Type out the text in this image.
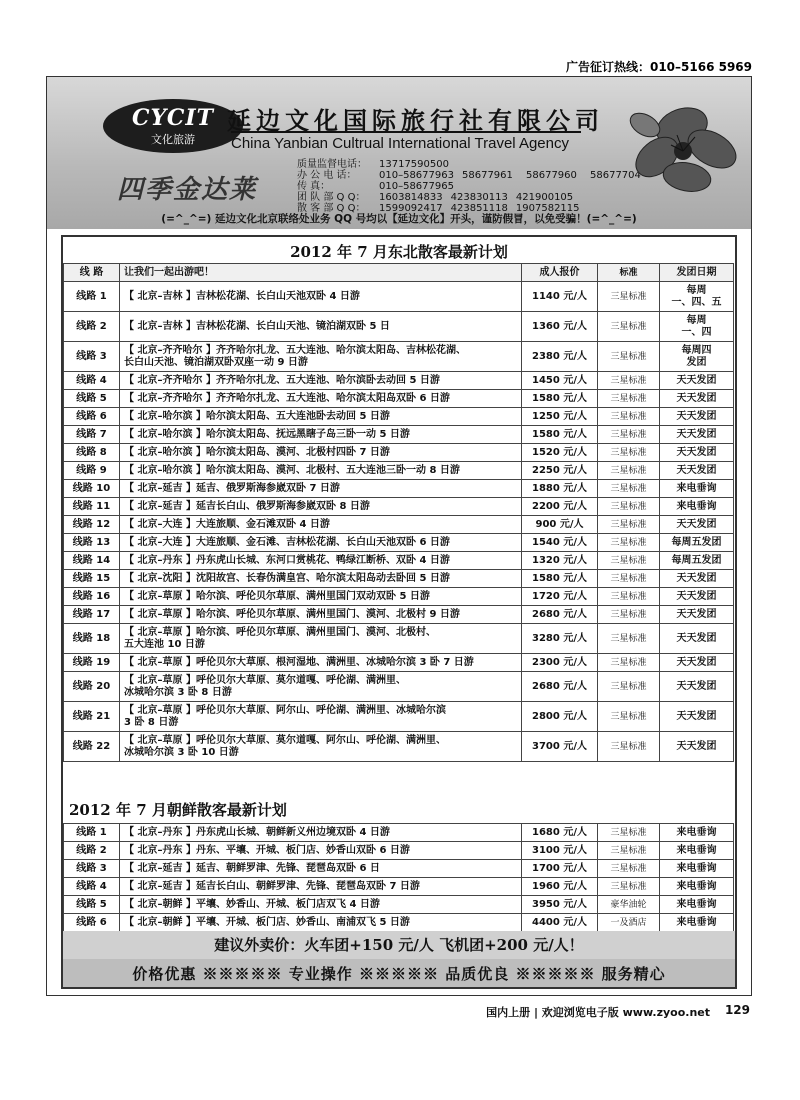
广告征订热线：010–5166 5969
CYCIT
文化旅游
延边文化国际旅行社有限公司
China Yanbian Cultrual International Travel Agency
四季金达莱
质量监督电话：	13717590500
办 公 电 话：	010–58677963 58677961	58677960	58677704
传 真：	010–58677965
团 队 部 Q Q：	1603814833 423830113 421900105
散 客 部 Q Q：	1599092417 423851118 1907582115
(=^_^=) 延边文化北京联络处业务 QQ 号均以【延边文化】开头，谨防假冒，以免受骗！(=^_^=)
2012 年 7 月东北散客最新计划
线 路	让我们一起出游吧！	成人报价	标准	发团日期
线路 1	【 北京–吉林 】吉林松花湖、长白山天池双卧 4 日游	1140 元/人	三星标准	每周
一、四、五
线路 2	【 北京–吉林 】吉林松花湖、长白山天池、镜泊湖双卧 5 日	1360 元/人	三星标准	每周
一、四
线路 3	【 北京–齐齐哈尔 】齐齐哈尔扎龙、五大连池、哈尔滨太阳岛、吉林松花湖、
长白山天池、镜泊湖双卧双座一动 9 日游	2380 元/人	三星标准	每周四
发团
线路 4	【 北京–齐齐哈尔 】齐齐哈尔扎龙、五大连池、哈尔滨卧去动回 5 日游	1450 元/人	三星标准	天天发团
线路 5	【 北京–齐齐哈尔 】齐齐哈尔扎龙、五大连池、哈尔滨太阳岛双卧 6 日游	1580 元/人	三星标准	天天发团
线路 6	【 北京–哈尔滨 】哈尔滨太阳岛、五大连池卧去动回 5 日游	1250 元/人	三星标准	天天发团
线路 7	【 北京–哈尔滨 】哈尔滨太阳岛、抚远黑瞎子岛三卧一动 5 日游	1580 元/人	三星标准	天天发团
线路 8	【 北京–哈尔滨 】哈尔滨太阳岛、漠河、北极村四卧 7 日游	1520 元/人	三星标准	天天发团
线路 9	【 北京–哈尔滨 】哈尔滨太阳岛、漠河、北极村、五大连池三卧一动 8 日游	2250 元/人	三星标准	天天发团
线路 10	【 北京–延吉 】延吉、俄罗斯海参崴双卧 7 日游	1880 元/人	三星标准	来电垂询
线路 11	【 北京–延吉 】延吉长白山、俄罗斯海参崴双卧 8 日游	2200 元/人	三星标准	来电垂询
线路 12	【 北京–大连 】大连旅顺、金石滩双卧 4 日游	900 元/人	三星标准	天天发团
线路 13	【 北京–大连 】大连旅顺、金石滩、吉林松花湖、长白山天池双卧 6 日游	1540 元/人	三星标准	每周五发团
线路 14	【 北京–丹东 】丹东虎山长城、东河口赏桃花、鸭绿江断桥、双卧 4 日游	1320 元/人	三星标准	每周五发团
线路 15	【 北京–沈阳 】沈阳故宫、长春伪满皇宫、哈尔滨太阳岛动去卧回 5 日游	1580 元/人	三星标准	天天发团
线路 16	【 北京–草原 】哈尔滨、呼伦贝尔草原、满州里国门双动双卧 5 日游	1720 元/人	三星标准	天天发团
线路 17	【 北京–草原 】哈尔滨、呼伦贝尔草原、满州里国门、漠河、北极村 9 日游	2680 元/人	三星标准	天天发团
线路 18	【 北京–草原 】哈尔滨、呼伦贝尔草原、满州里国门、漠河、北极村、
五大连池 10 日游	3280 元/人	三星标准	天天发团
线路 19	【 北京–草原 】呼伦贝尔大草原、根河湿地、满洲里、冰城哈尔滨 3 卧 7 日游	2300 元/人	三星标准	天天发团
线路 20	【 北京–草原 】呼伦贝尔大草原、莫尔道嘎、呼伦湖、满洲里、
冰城哈尔滨 3 卧 8 日游	2680 元/人	三星标准	天天发团
线路 21	【 北京–草原 】呼伦贝尔大草原、阿尔山、呼伦湖、满洲里、冰城哈尔滨
3 卧 8 日游	2800 元/人	三星标准	天天发团
线路 22	【 北京–草原 】呼伦贝尔大草原、莫尔道嘎、阿尔山、呼伦湖、满洲里、
冰城哈尔滨 3 卧 10 日游	3700 元/人	三星标准	天天发团
2012 年 7 月朝鲜散客最新计划
线路 1	【 北京–丹东 】丹东虎山长城、朝鲜新义州边境双卧 4 日游	1680 元/人	三星标准	来电垂询
线路 2	【 北京–丹东 】丹东、平壤、开城、板门店、妙香山双卧 6 日游	3100 元/人	三星标准	来电垂询
线路 3	【 北京–延吉 】延吉、朝鲜罗津、先锋、琵琶岛双卧 6 日	1700 元/人	三星标准	来电垂询
线路 4	【 北京–延吉 】延吉长白山、朝鲜罗津、先锋、琵琶岛双卧 7 日游	1960 元/人	三星标准	来电垂询
线路 5	【 北京–朝鲜 】平壤、妙香山、开城、板门店双飞 4 日游	3950 元/人	豪华油轮	来电垂询
线路 6	【 北京–朝鲜 】平壤、开城、板门店、妙香山、南浦双飞 5 日游	4400 元/人	一及酒店	来电垂询
建议外卖价：火车团+150 元/人 飞机团+200 元/人！
价格优惠 ※※※※※ 专业操作 ※※※※※ 品质优良 ※※※※※ 服务精心
国内上册 | 欢迎浏览电子版 www.zyoo.net 129
